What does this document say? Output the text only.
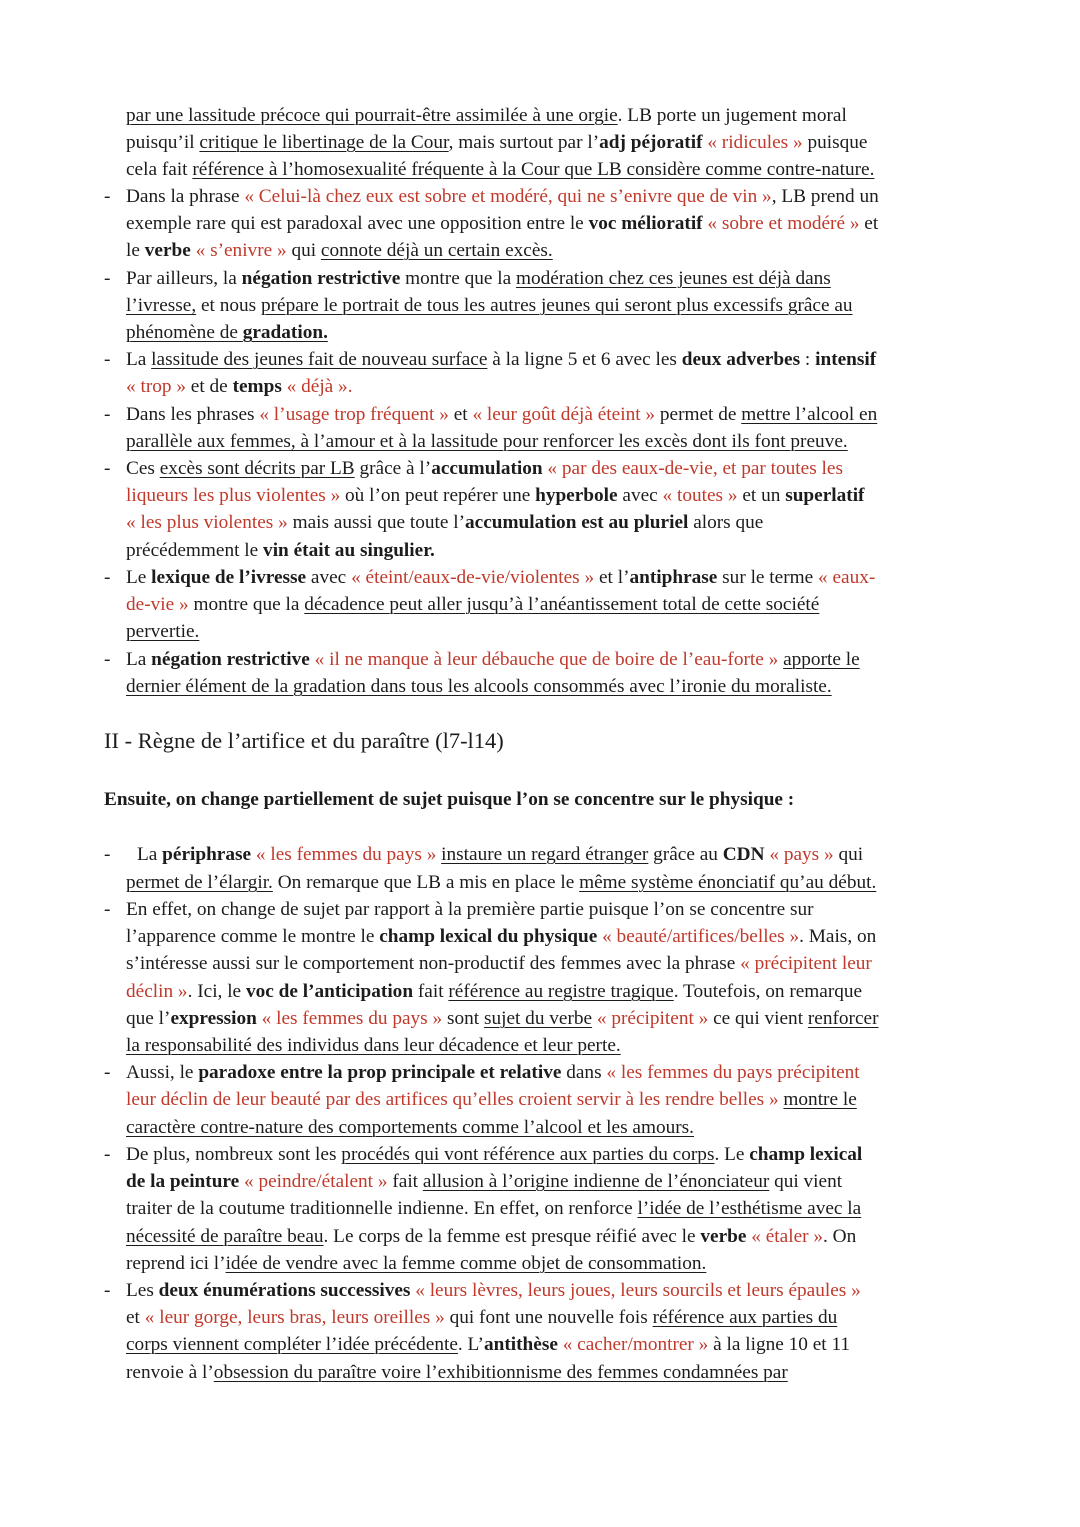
II - Règne de l’artifice et du paraître (l7-l14)
Ensuite, on change partiellement de sujet puisque l’on se concentre sur le physique :
par une lassitude précoce qui pourrait-être assimilée à une orgie. LB porte un jugement moral
puisqu’il critique le libertinage de la Cour, mais surtout par l’adj péjoratif « ridicules » puisque
cela fait référence à l’homosexualité fréquente à la Cour que LB considère comme contre-nature.
- Dans la phrase « Celui-là chez eux est sobre et modéré, qui ne s’enivre que de vin », LB prend un
exemple rare qui est paradoxal avec une opposition entre le voc mélioratif « sobre et modéré » et
le verbe « s’enivre » qui connote déjà un certain excès.
- Par ailleurs, la négation restrictive montre que la modération chez ces jeunes est déjà dans
l’ivresse, et nous prépare le portrait de tous les autres jeunes qui seront plus excessifs grâce au
phénomène de gradation.
- La lassitude des jeunes fait de nouveau surface à la ligne 5 et 6 avec les deux adverbes : intensif
« trop » et de temps « déjà ».
- Dans les phrases « l’usage trop fréquent » et « leur goût déjà éteint » permet de mettre l’alcool en
parallèle aux femmes, à l’amour et à la lassitude pour renforcer les excès dont ils font preuve.
- Ces excès sont décrits par LB grâce à l’accumulation « par des eaux-de-vie, et par toutes les
liqueurs les plus violentes » où l’on peut repérer une hyperbole avec « toutes » et un superlatif
« les plus violentes » mais aussi que toute l’accumulation est au pluriel alors que
précédemment le vin était au singulier.
- Le lexique de l’ivresse avec « éteint/eaux-de-vie/violentes » et l’antiphrase sur le terme « eaux-
de-vie » montre que la décadence peut aller jusqu’à l’anéantissement total de cette société
pervertie.
- La négation restrictive « il ne manque à leur débauche que de boire de l’eau-forte » apporte le
dernier élément de la gradation dans tous les alcools consommés avec l’ironie du moraliste.
- La périphrase « les femmes du pays » instaure un regard étranger grâce au CDN « pays » qui
permet de l’élargir. On remarque que LB a mis en place le même système énonciatif qu’au début.
- En effet, on change de sujet par rapport à la première partie puisque l’on se concentre sur
l’apparence comme le montre le champ lexical du physique « beauté/artifices/belles ». Mais, on
s’intéresse aussi sur le comportement non-productif des femmes avec la phrase « précipitent leur
déclin ». Ici, le voc de l’anticipation fait référence au registre tragique. Toutefois, on remarque
que l’expression « les femmes du pays » sont sujet du verbe « précipitent » ce qui vient renforcer
la responsabilité des individus dans leur décadence et leur perte.
- Aussi, le paradoxe entre la prop principale et relative dans « les femmes du pays précipitent
leur déclin de leur beauté par des artifices qu’elles croient servir à les rendre belles » montre le
caractère contre-nature des comportements comme l’alcool et les amours.
- De plus, nombreux sont les procédés qui vont référence aux parties du corps. Le champ lexical
de la peinture « peindre/étalent » fait allusion à l’origine indienne de l’énonciateur qui vient
traiter de la coutume traditionnelle indienne. En effet, on renforce l’idée de l’esthétisme avec la
nécessité de paraître beau. Le corps de la femme est presque réifié avec le verbe « étaler ». On
reprend ici l’idée de vendre avec la femme comme objet de consommation.
- Les deux énumérations successives « leurs lèvres, leurs joues, leurs sourcils et leurs épaules »
et « leur gorge, leurs bras, leurs oreilles » qui font une nouvelle fois référence aux parties du
corps viennent compléter l’idée précédente. L’antithèse « cacher/montrer » à la ligne 10 et 11
renvoie à l’obsession du paraître voire l’exhibitionnisme des femmes condamnées par
